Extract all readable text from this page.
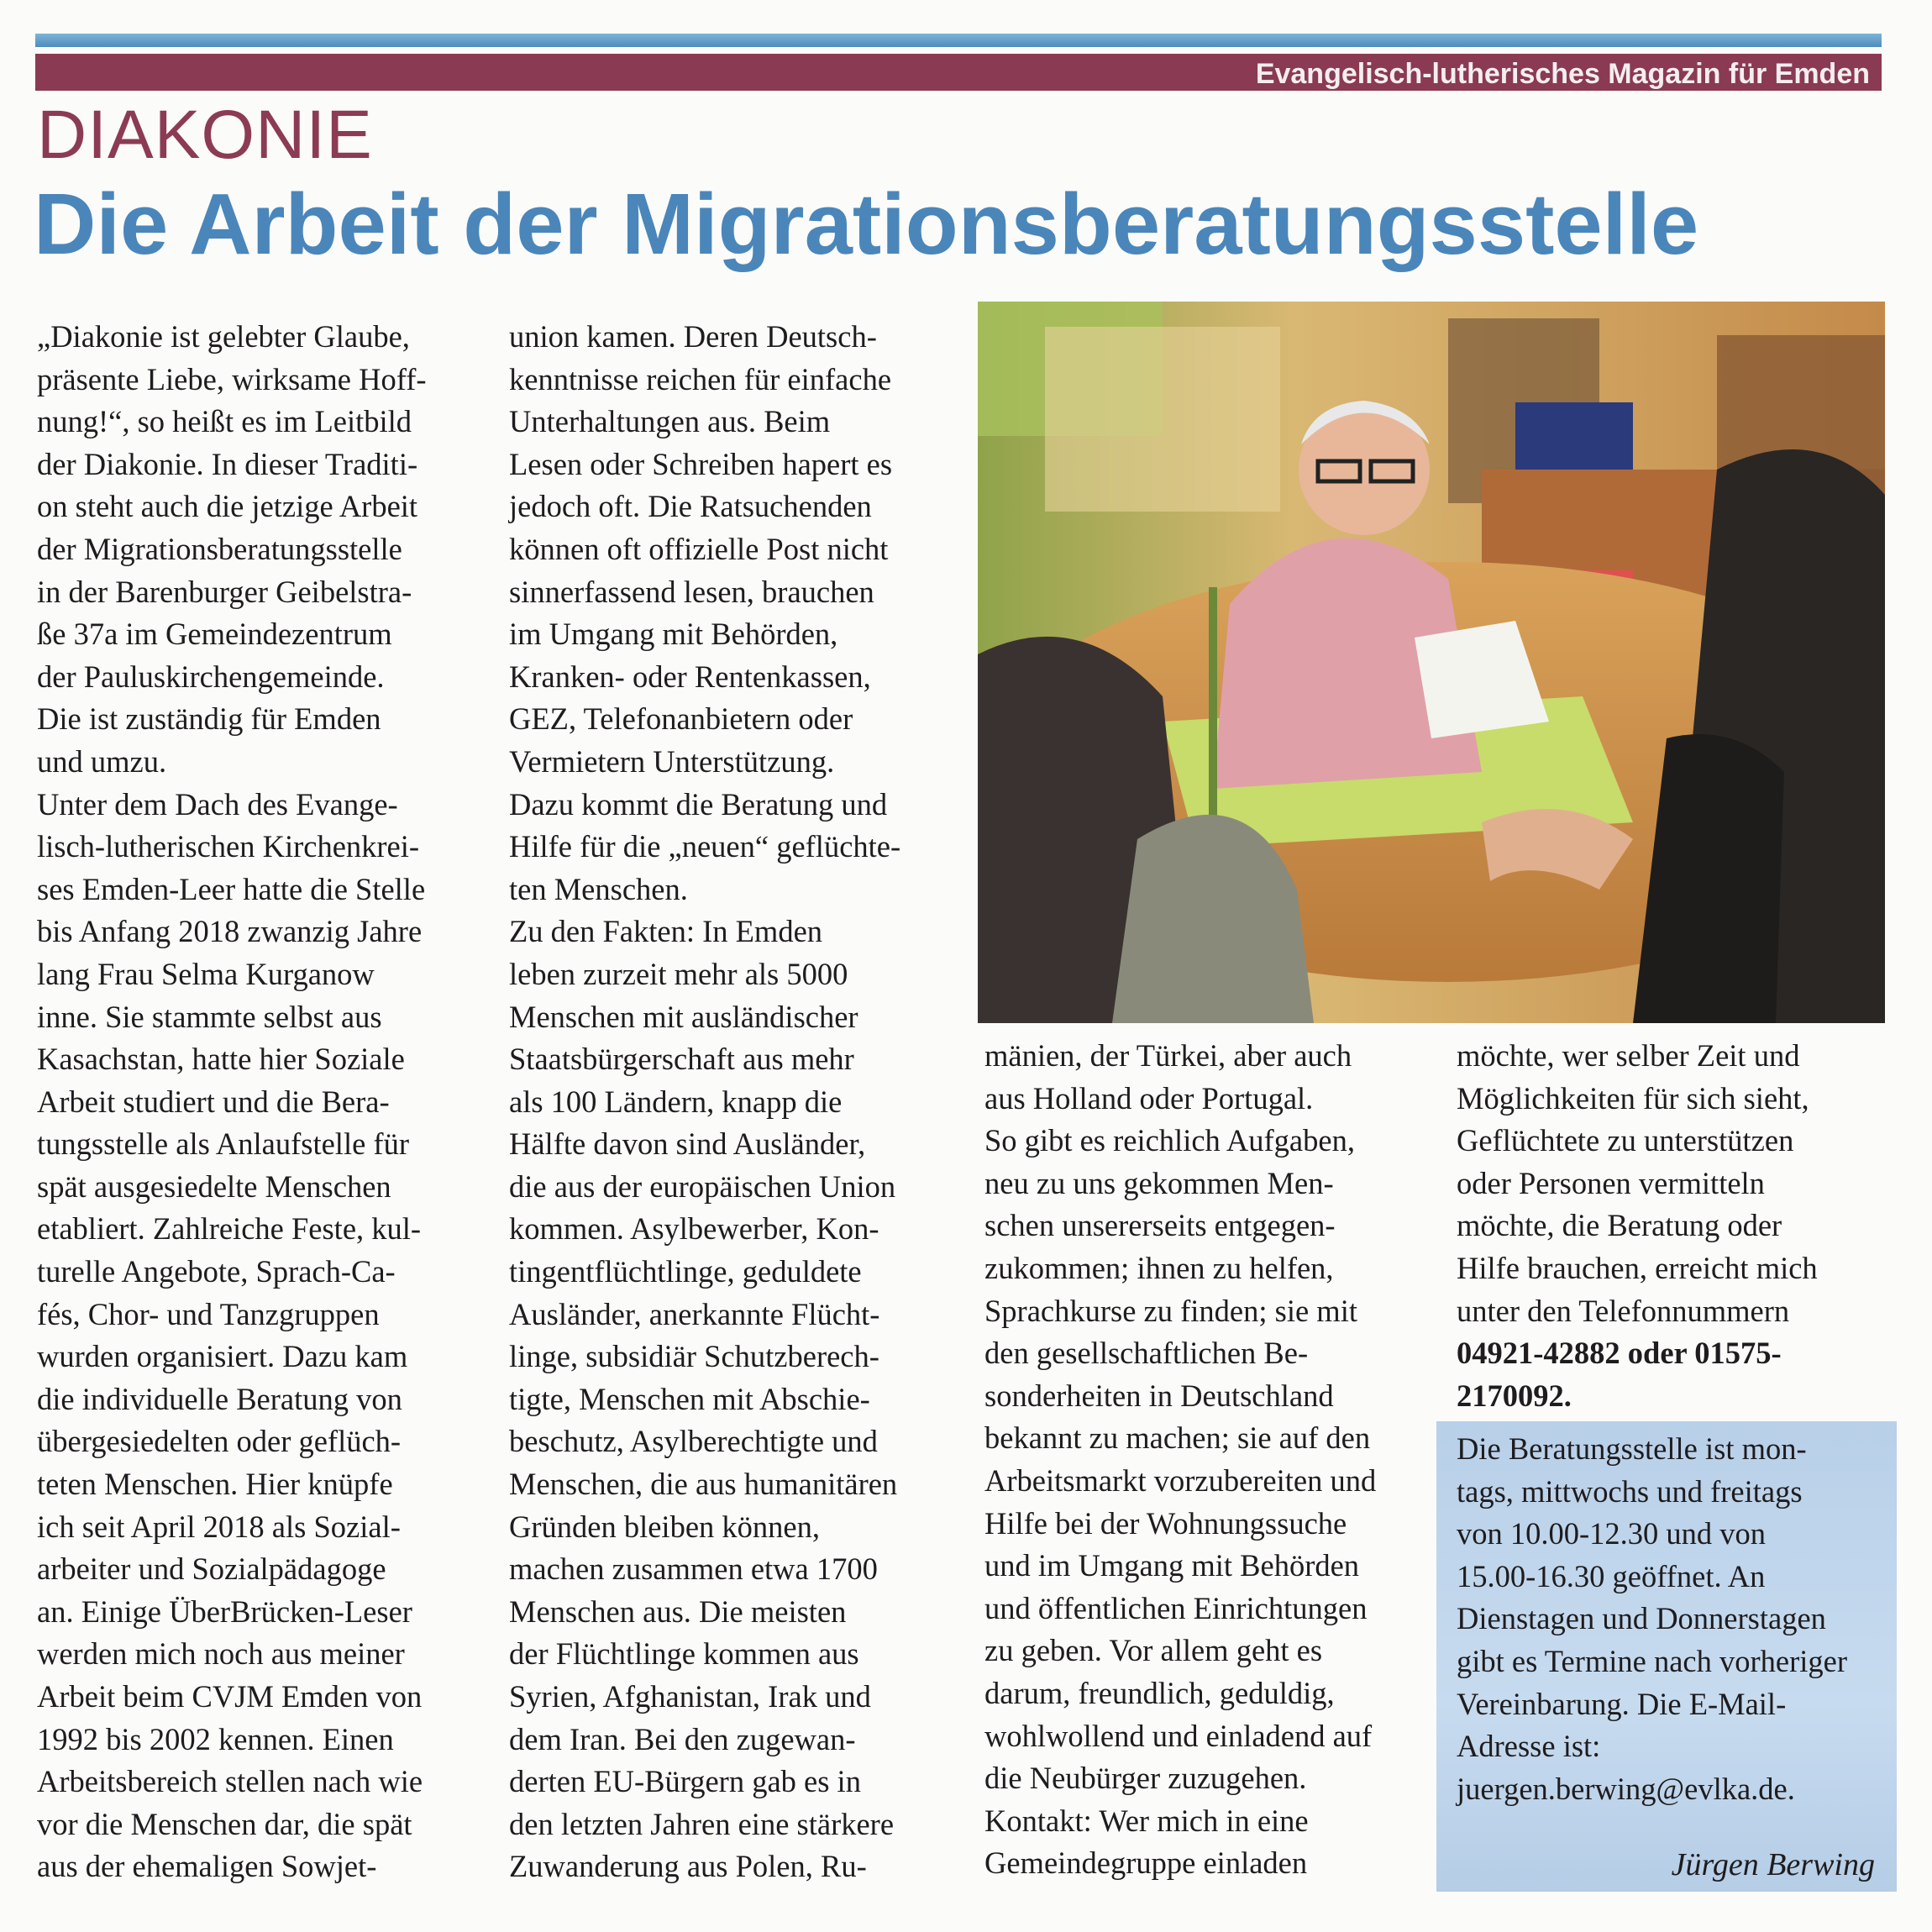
Evangelisch-lutherisches Magazin für Emden
DIAKONIE
Die Arbeit der Migrationsberatungsstelle
„Diakonie ist gelebter Glaube,
präsente Liebe, wirksame Hoff-
nung!“, so heißt es im Leitbild
der Diakonie. In dieser Traditi-
on steht auch die jetzige Arbeit
der Migrationsberatungsstelle
in der Barenburger Geibelstra-
ße 37a im Gemeindezentrum
der Pauluskirchengemeinde.
Die ist zuständig für Emden
und umzu.
Unter dem Dach des Evange-
lisch-lutherischen Kirchenkrei-
ses Emden-Leer hatte die Stelle
bis Anfang 2018 zwanzig Jahre
lang Frau Selma Kurganow
inne. Sie stammte selbst aus
Kasachstan, hatte hier Soziale
Arbeit studiert und die Bera-
tungsstelle als Anlaufstelle für
spät ausgesiedelte Menschen
etabliert. Zahlreiche Feste, kul-
turelle Angebote, Sprach-Ca-
fés, Chor- und Tanzgruppen
wurden organisiert. Dazu kam
die individuelle Beratung von
übergesiedelten oder geflüch-
teten Menschen. Hier knüpfe
ich seit April 2018 als Sozial-
arbeiter und Sozialpädagoge
an. Einige ÜberBrücken-Leser
werden mich noch aus meiner
Arbeit beim CVJM Emden von
1992 bis 2002 kennen. Einen
Arbeitsbereich stellen nach wie
vor die Menschen dar, die spät
aus der ehemaligen Sowjet-
union kamen. Deren Deutsch-
kenntnisse reichen für einfache
Unterhaltungen aus. Beim
Lesen oder Schreiben hapert es
jedoch oft. Die Ratsuchenden
können oft offizielle Post nicht
sinnerfassend lesen, brauchen
im Umgang mit Behörden,
Kranken- oder Rentenkassen,
GEZ, Telefonanbietern oder
Vermietern Unterstützung.
Dazu kommt die Beratung und
Hilfe für die „neuen“ geflüchte-
ten Menschen.
Zu den Fakten: In Emden
leben zurzeit mehr als 5000
Menschen mit ausländischer
Staatsbürgerschaft aus mehr
als 100 Ländern, knapp die
Hälfte davon sind Ausländer,
die aus der europäischen Union
kommen. Asylbewerber, Kon-
tingentflüchtlinge, geduldete
Ausländer, anerkannte Flücht-
linge, subsidiär Schutzberech-
tigte, Menschen mit Abschie-
beschutz, Asylberechtigte und
Menschen, die aus humanitären
Gründen bleiben können,
machen zusammen etwa 1700
Menschen aus. Die meisten
der Flüchtlinge kommen aus
Syrien, Afghanistan, Irak und
dem Iran. Bei den zugewan-
derten EU-Bürgern gab es in
den letzten Jahren eine stärkere
Zuwanderung aus Polen, Ru-
mänien, der Türkei, aber auch
aus Holland oder Portugal.
So gibt es reichlich Aufgaben,
neu zu uns gekommen Men-
schen unsererseits entgegen-
zukommen; ihnen zu helfen,
Sprachkurse zu finden; sie mit
den gesellschaftlichen Be-
sonderheiten in Deutschland
bekannt zu machen; sie auf den
Arbeitsmarkt vorzubereiten und
Hilfe bei der Wohnungssuche
und im Umgang mit Behörden
und öffentlichen Einrichtungen
zu geben. Vor allem geht es
darum, freundlich, geduldig,
wohlwollend und einladend auf
die Neubürger zuzugehen.
Kontakt: Wer mich in eine
Gemeindegruppe einladen
möchte, wer selber Zeit und
Möglichkeiten für sich sieht,
Geflüchtete zu unterstützen
oder Personen vermitteln
möchte, die Beratung oder
Hilfe brauchen, erreicht mich
unter den Telefonnummern
04921-42882 oder 01575-
2170092.
Die Beratungsstelle ist mon-
tags, mittwochs und freitags
von 10.00-12.30 und von
15.00-16.30 geöffnet. An
Dienstagen und Donnerstagen
gibt es Termine nach vorheriger
Vereinbarung. Die E-Mail-
Adresse ist:
juergen.berwing@evlka.de.
Jürgen Berwing
